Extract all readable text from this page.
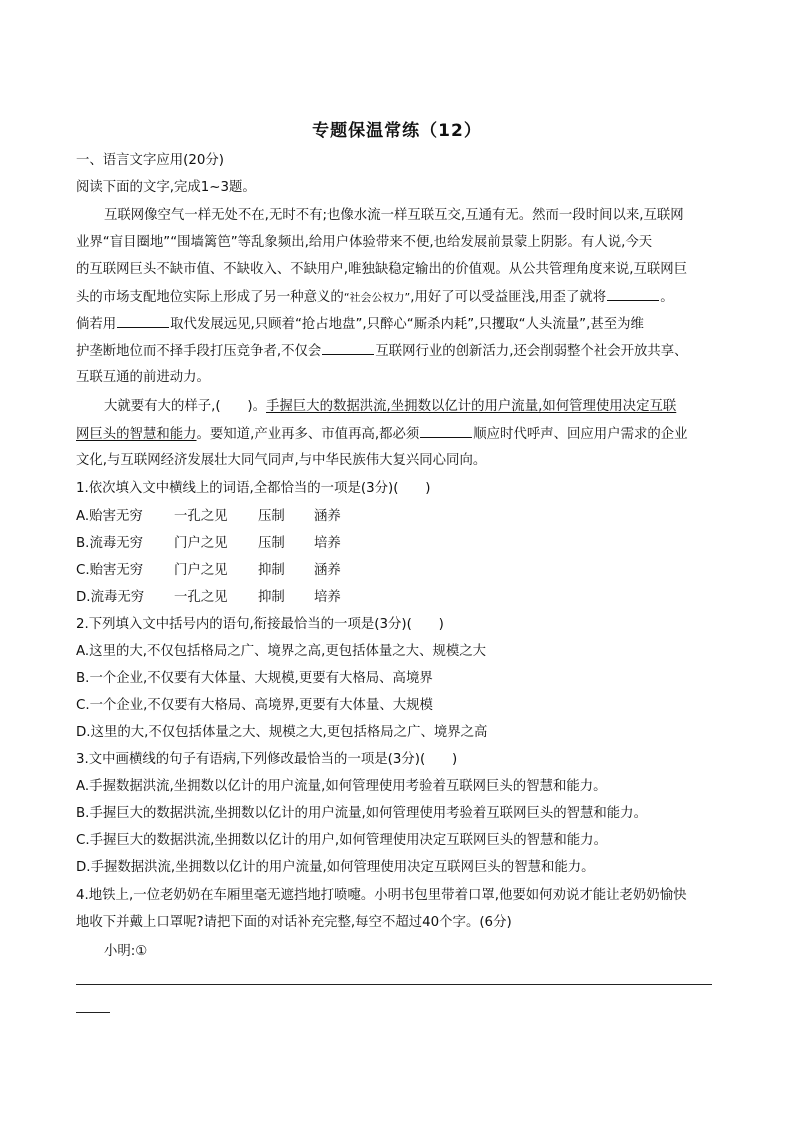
专题保温常练（12）
一、语言文字应用(20分)
阅读下面的文字,完成1~3题。
互联网像空气一样无处不在,无时不有;也像水流一样互联互交,互通有无。然而一段时间以来,互联网
业界“盲目圈地”“围墙篱笆”等乱象频出,给用户体验带来不便,也给发展前景蒙上阴影。有人说,今天
的互联网巨头不缺市值、不缺收入、不缺用户,唯独缺稳定输出的价值观。从公共管理角度来说,互联网巨
头的市场支配地位实际上形成了另一种意义的“社会公权力”,用好了可以受益匪浅,用歪了就将	。
倘若用	取代发展远见,只顾着“抢占地盘”,只醉心“厮杀内耗”,只攫取“人头流量”,甚至为维
护垄断地位而不择手段打压竞争者,不仅会	互联网行业的创新活力,还会削弱整个社会开放共享、
互联互通的前进动力。
大就要有大的样子,(　　)。手握巨大的数据洪流,坐拥数以亿计的用户流量,如何管理使用决定互联
网巨头的智慧和能力。要知道,产业再多、市值再高,都必须	顺应时代呼声、回应用户需求的企业
文化,与互联网经济发展壮大同气同声,与中华民族伟大复兴同心同向。
1.依次填入文中横线上的词语,全都恰当的一项是(3分)(　　)
A.贻害无穷 一孔之见 压制 涵养
B.流毒无穷 门户之见 压制 培养
C.贻害无穷 门户之见 抑制 涵养
D.流毒无穷 一孔之见 抑制 培养
2.下列填入文中括号内的语句,衔接最恰当的一项是(3分)(　　)
A.这里的大,不仅包括格局之广、境界之高,更包括体量之大、规模之大
B.一个企业,不仅要有大体量、大规模,更要有大格局、高境界
C.一个企业,不仅要有大格局、高境界,更要有大体量、大规模
D.这里的大,不仅包括体量之大、规模之大,更包括格局之广、境界之高
3.文中画横线的句子有语病,下列修改最恰当的一项是(3分)(　　)
A.手握数据洪流,坐拥数以亿计的用户流量,如何管理使用考验着互联网巨头的智慧和能力。
B.手握巨大的数据洪流,坐拥数以亿计的用户流量,如何管理使用考验着互联网巨头的智慧和能力。
C.手握巨大的数据洪流,坐拥数以亿计的用户,如何管理使用决定互联网巨头的智慧和能力。
D.手握数据洪流,坐拥数以亿计的用户流量,如何管理使用决定互联网巨头的智慧和能力。
4.地铁上,一位老奶奶在车厢里毫无遮挡地打喷嚏。小明书包里带着口罩,他要如何劝说才能让老奶奶愉快
地收下并戴上口罩呢?请把下面的对话补充完整,每空不超过40个字。(6分)
小明:①
